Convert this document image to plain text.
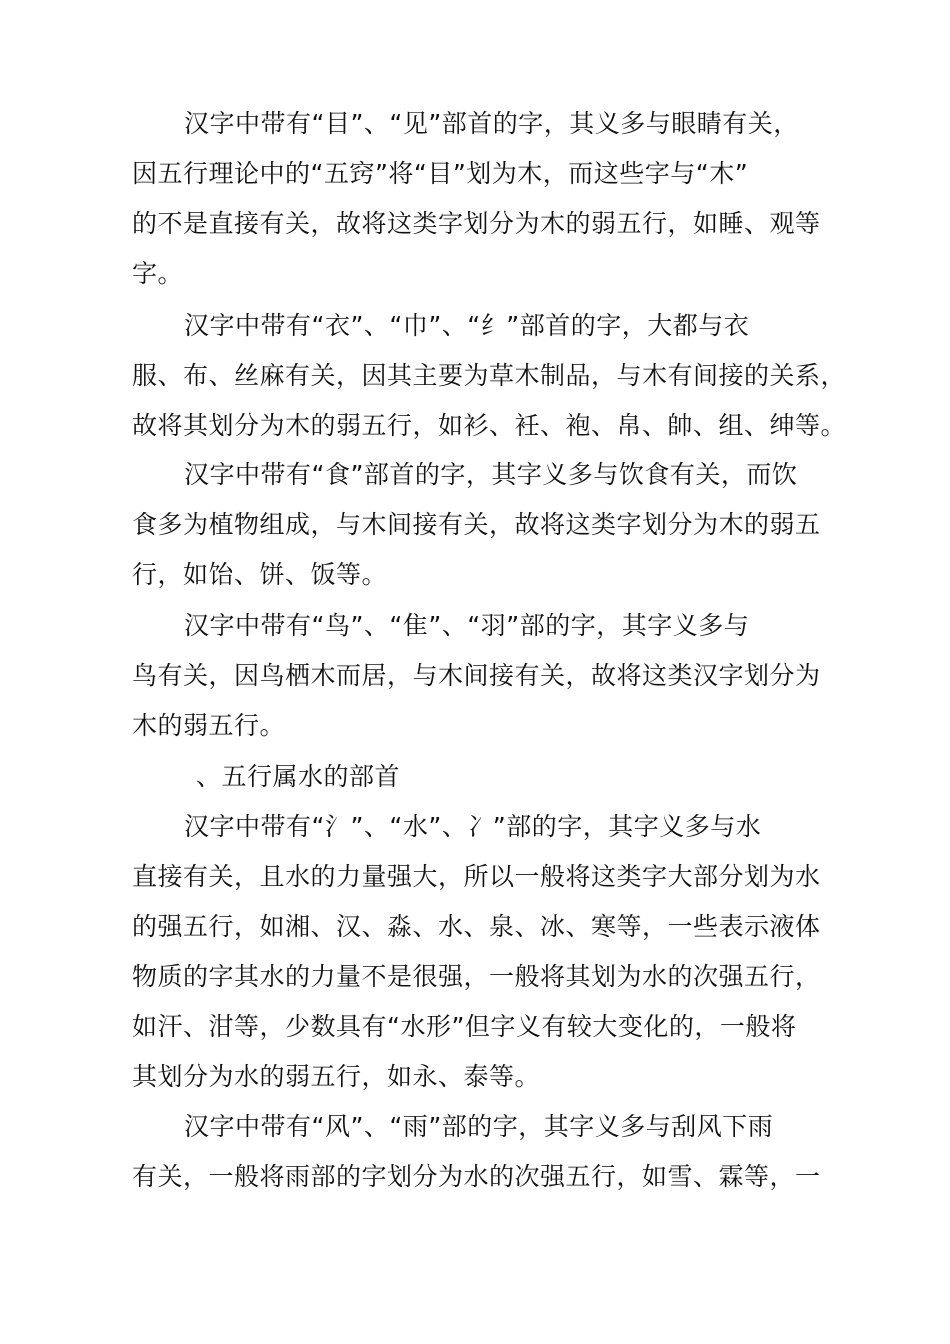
汉字中带有“目”、“见”部首的字，其义多与眼睛有关，
因五行理论中的“五窍”将“目”划为木，而这些字与“木”
的不是直接有关，故将这类字划分为木的弱五行，如睡、观等
字。
汉字中带有“衣”、“巾”、“纟”部首的字，大都与衣
服、布、丝麻有关，因其主要为草木制品，与木有间接的关系，
故将其划分为木的弱五行，如衫、衽、袍、帛、帥、组、绅等。
汉字中带有“食”部首的字，其字义多与饮食有关，而饮
食多为植物组成，与木间接有关，故将这类字划分为木的弱五
行，如饴、饼、饭等。
汉字中带有“鸟”、“隹”、“羽”部的字，其字义多与
鸟有关，因鸟栖木而居，与木间接有关，故将这类汉字划分为
木的弱五行。
、五行属水的部首
汉字中带有“氵”、“水”、冫”部的字，其字义多与水
直接有关，且水的力量强大，所以一般将这类字大部分划为水
的强五行，如湘、汉、淼、水、泉、冰、寒等，一些表示液体
物质的字其水的力量不是很强，一般将其划为水的次强五行，
如汗、泔等，少数具有“水形”但字义有较大变化的，一般将
其划分为水的弱五行，如永、泰等。
汉字中带有“风”、“雨”部的字，其字义多与刮风下雨
有关，一般将雨部的字划分为水的次强五行，如雪、霖等，一
